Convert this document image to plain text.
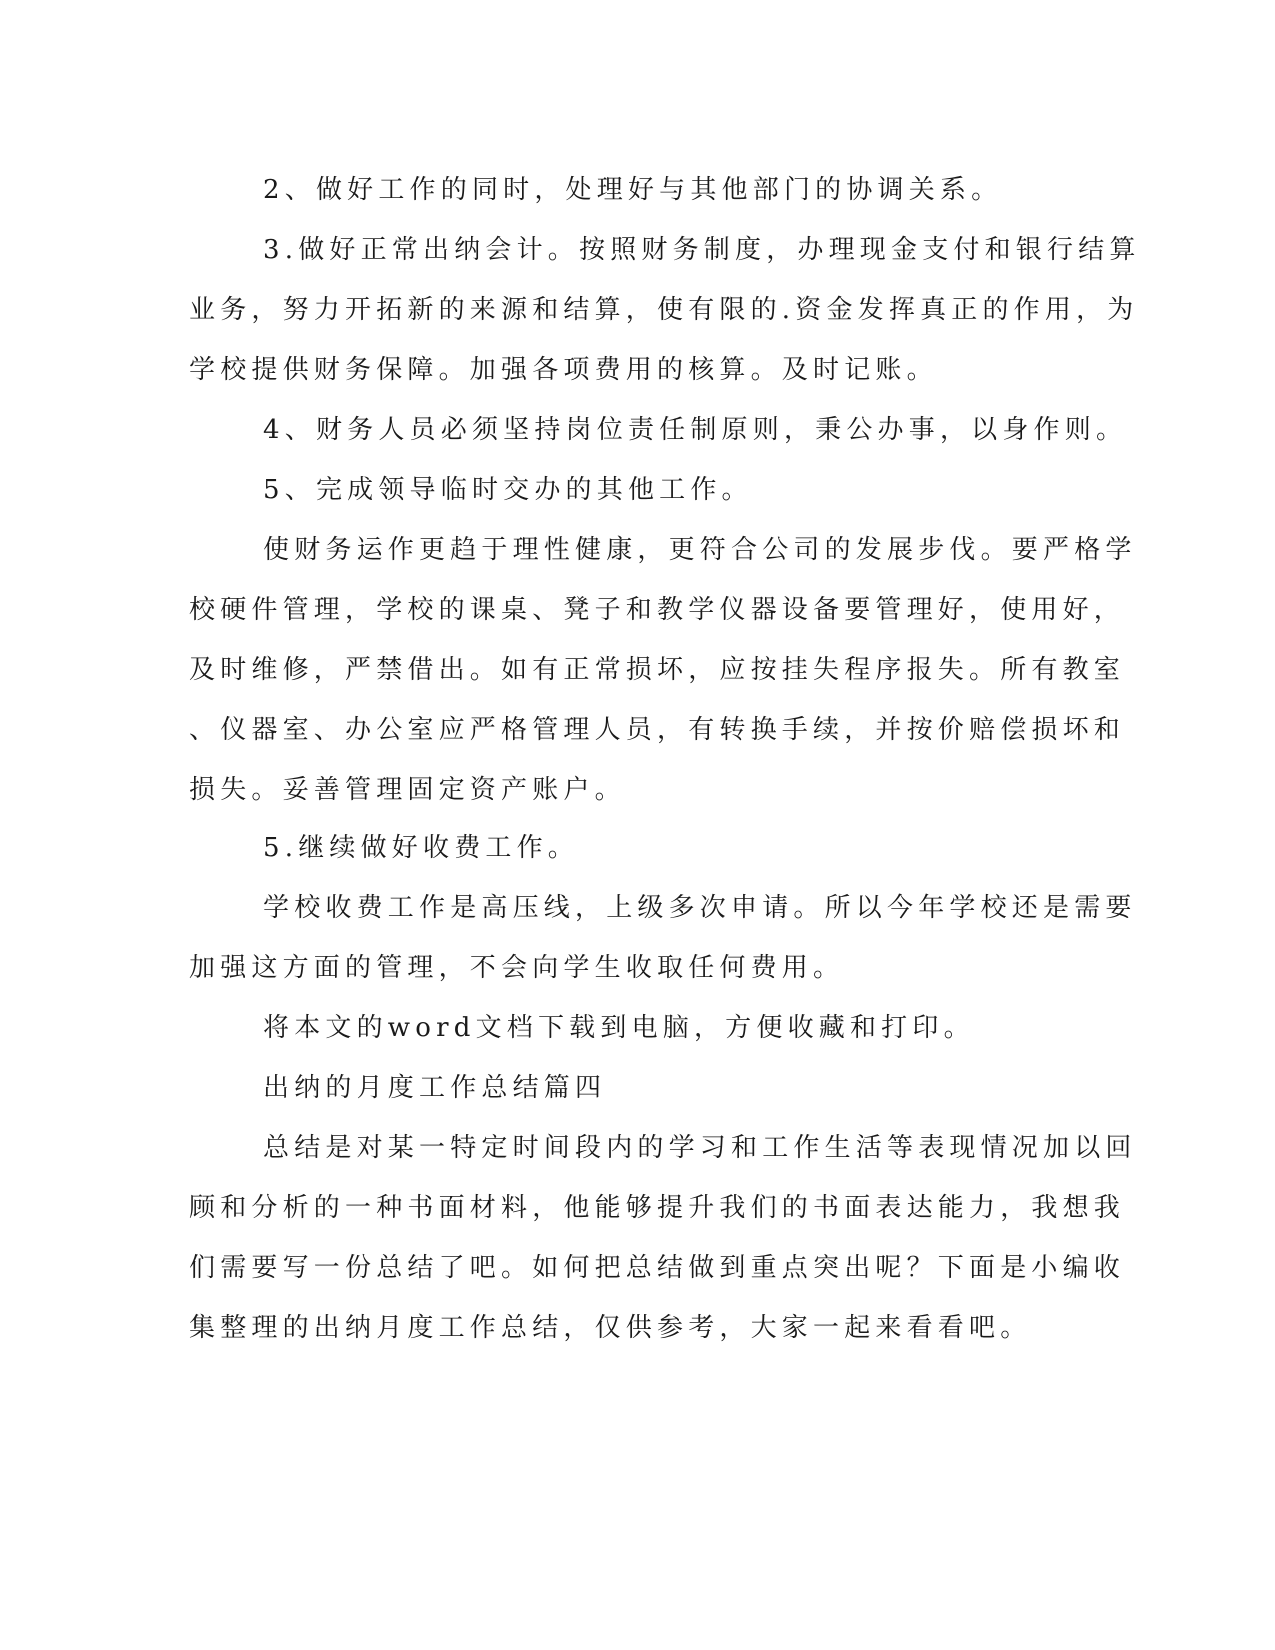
2、做好工作的同时，处理好与其他部门的协调关系。
3.做好正常出纳会计。按照财务制度，办理现金支付和银行结算
业务，努力开拓新的来源和结算，使有限的.资金发挥真正的作用，为
学校提供财务保障。加强各项费用的核算。及时记账。
4、财务人员必须坚持岗位责任制原则，秉公办事，以身作则。
5、完成领导临时交办的其他工作。
使财务运作更趋于理性健康，更符合公司的发展步伐。要严格学
校硬件管理，学校的课桌、凳子和教学仪器设备要管理好，使用好，
及时维修，严禁借出。如有正常损坏，应按挂失程序报失。所有教室
、仪器室、办公室应严格管理人员，有转换手续，并按价赔偿损坏和
损失。妥善管理固定资产账户。
5.继续做好收费工作。
学校收费工作是高压线，上级多次申请。所以今年学校还是需要
加强这方面的管理，不会向学生收取任何费用。
将本文的word文档下载到电脑，方便收藏和打印。
出纳的月度工作总结篇四
总结是对某一特定时间段内的学习和工作生活等表现情况加以回
顾和分析的一种书面材料，他能够提升我们的书面表达能力，我想我
们需要写一份总结了吧。如何把总结做到重点突出呢？下面是小编收
集整理的出纳月度工作总结，仅供参考，大家一起来看看吧。
